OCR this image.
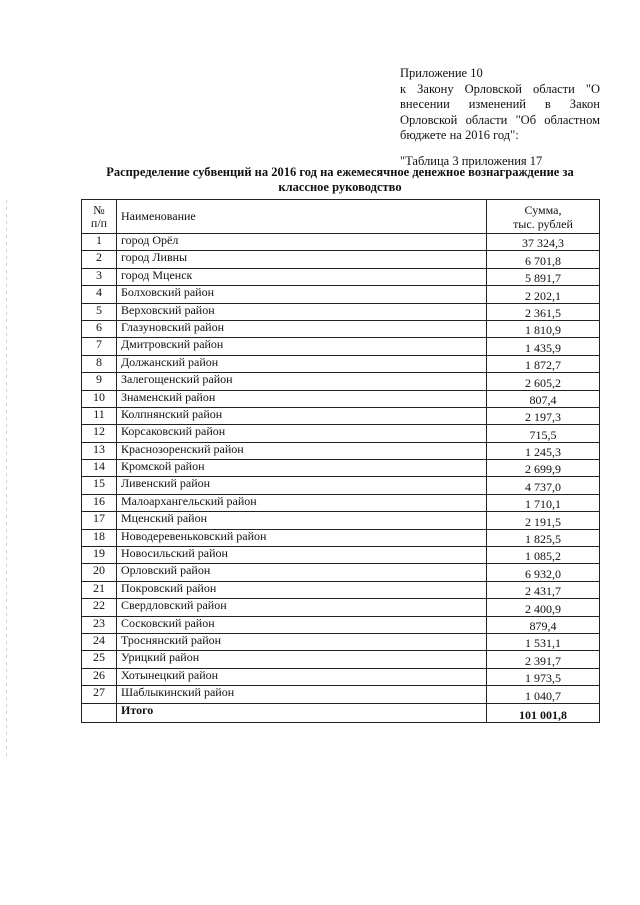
Приложение 10
к Закону Орловской области "О
внесении изменений в Закон
Орловской области "Об областном
бюджете на 2016 год":
"Таблица 3 приложения 17
Распределение субвенций на 2016 год на ежемесячное денежное вознаграждение за классное руководство
№
п/п	Наименование	Сумма,
тыс. рублей
1	город Орёл	37 324,3
2	город Ливны	6 701,8
3	город Мценск	5 891,7
4	Болховский район	2 202,1
5	Верховский район	2 361,5
6	Глазуновский район	1 810,9
7	Дмитровский район	1 435,9
8	Должанский район	1 872,7
9	Залегощенский район	2 605,2
10	Знаменский район	807,4
11	Колпнянский район	2 197,3
12	Корсаковский район	715,5
13	Краснозоренский район	1 245,3
14	Кромской район	2 699,9
15	Ливенский район	4 737,0
16	Малоархангельский район	1 710,1
17	Мценский район	2 191,5
18	Новодеревеньковский район	1 825,5
19	Новосильский район	1 085,2
20	Орловский район	6 932,0
21	Покровский район	2 431,7
22	Свердловский район	2 400,9
23	Сосковский район	879,4
24	Троснянский район	1 531,1
25	Урицкий район	2 391,7
26	Хотынецкий район	1 973,5
27	Шаблыкинский район	1 040,7
	Итого	101 001,8
